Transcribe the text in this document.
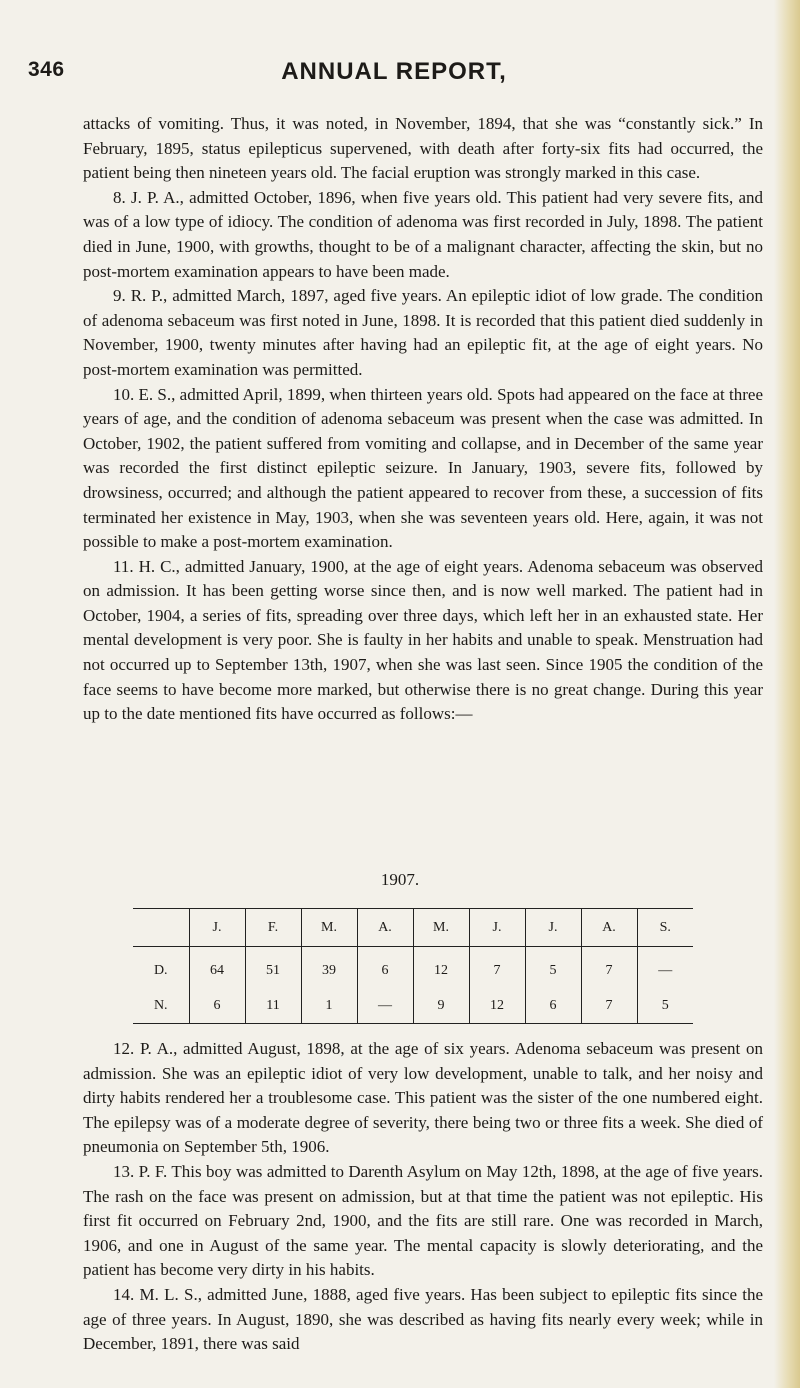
346	ANNUAL REPORT,

attacks of vomiting. Thus, it was noted, in November, 1894, that she was “constantly sick.” In February, 1895, status epilepticus supervened, with death after forty-six fits had occurred, the patient being then nineteen years old. The facial eruption was strongly marked in this case.

8. J. P. A., admitted October, 1896, when five years old. This patient had very severe fits, and was of a low type of idiocy. The condition of adenoma was first recorded in July, 1898. The patient died in June, 1900, with growths, thought to be of a malignant character, affecting the skin, but no post-mortem examination appears to have been made.

9. R. P., admitted March, 1897, aged five years. An epileptic idiot of low grade. The condition of adenoma sebaceum was first noted in June, 1898. It is recorded that this patient died suddenly in November, 1900, twenty minutes after having had an epileptic fit, at the age of eight years. No post-mortem examination was permitted.

10. E. S., admitted April, 1899, when thirteen years old. Spots had appeared on the face at three years of age, and the condition of adenoma sebaceum was present when the case was admitted. In October, 1902, the patient suffered from vomiting and collapse, and in December of the same year was recorded the first distinct epileptic seizure. In January, 1903, severe fits, followed by drowsiness, occurred; and although the patient appeared to recover from these, a succession of fits terminated her existence in May, 1903, when she was seventeen years old. Here, again, it was not possible to make a post-mortem examination.

11. H. C., admitted January, 1900, at the age of eight years. Adenoma sebaceum was observed on admission. It has been getting worse since then, and is now well marked. The patient had in October, 1904, a series of fits, spreading over three days, which left her in an exhausted state. Her mental development is very poor. She is faulty in her habits and unable to speak. Menstruation had not occurred up to September 13th, 1907, when she was last seen. Since 1905 the condition of the face seems to have become more marked, but otherwise there is no great change. During this year up to the date mentioned fits have occurred as follows:—

1907.
	J.	F.	M.	A.	M.	J.	J.	A.	S.
D.	64	51	39	6	12	7	5	7	—
N.	6	11	1	—	9	12	6	7	5

12. P. A., admitted August, 1898, at the age of six years. Adenoma sebaceum was present on admission. She was an epileptic idiot of very low development, unable to talk, and her noisy and dirty habits rendered her a troublesome case. This patient was the sister of the one numbered eight. The epilepsy was of a moderate degree of severity, there being two or three fits a week. She died of pneumonia on September 5th, 1906.

13. P. F. This boy was admitted to Darenth Asylum on May 12th, 1898, at the age of five years. The rash on the face was present on admission, but at that time the patient was not epileptic. His first fit occurred on February 2nd, 1900, and the fits are still rare. One was recorded in March, 1906, and one in August of the same year. The mental capacity is slowly deteriorating, and the patient has become very dirty in his habits.

14. M. L. S., admitted June, 1888, aged five years. Has been subject to epileptic fits since the age of three years. In August, 1890, she was described as having fits nearly every week; while in December, 1891, there was said
